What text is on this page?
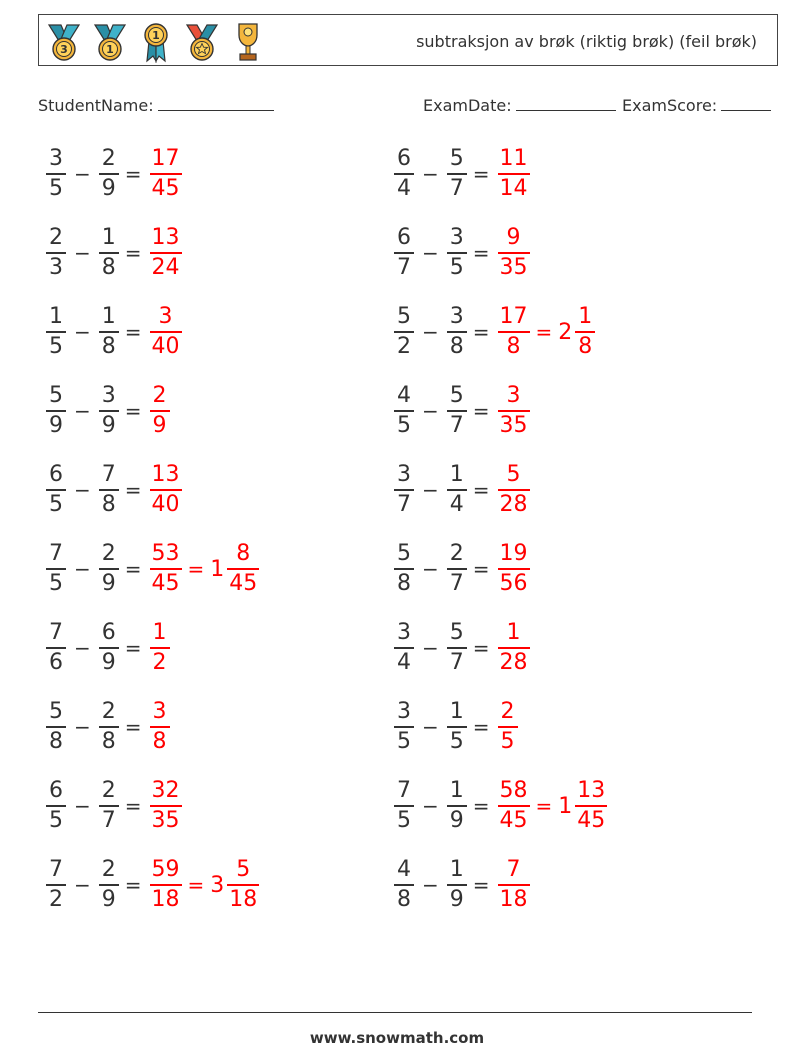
3	1
1	subtraksjon av brøk (riktig brøk) (feil brøk)
StudentName:	ExamDate:	ExamScore:
$\frac{3}{5} - \frac{2}{9} = \frac{17}{45}$	$\frac{6}{4} - \frac{5}{7} = \frac{11}{14}$
$\frac{2}{3} - \frac{1}{8} = \frac{13}{24}$	$\frac{6}{7} - \frac{3}{5} = \frac{9}{35}$
$\frac{1}{5} - \frac{1}{8} = \frac{3}{40}$	$\frac{5}{2} - \frac{3}{8} = \frac{17}{8} = 2 \frac{1}{8}$
$\frac{5}{9} - \frac{3}{9} = \frac{2}{9}$	$\frac{4}{5} - \frac{5}{7} = \frac{3}{35}$
$\frac{6}{5} - \frac{7}{8} = \frac{13}{40}$	$\frac{3}{7} - \frac{1}{4} = \frac{5}{28}$
$\frac{7}{5} - \frac{2}{9} = \frac{53}{45} = 1 \frac{8}{45}$	$\frac{5}{8} - \frac{2}{7} = \frac{19}{56}$
$\frac{7}{6} - \frac{6}{9} = \frac{1}{2}$	$\frac{3}{4} - \frac{5}{7} = \frac{1}{28}$
$\frac{5}{8} - \frac{2}{8} = \frac{3}{8}$	$\frac{3}{5} - \frac{1}{5} = \frac{2}{5}$
$\frac{6}{5} - \frac{2}{7} = \frac{32}{35}$	$\frac{7}{5} - \frac{1}{9} = \frac{58}{45} = 1 \frac{13}{45}$
$\frac{7}{2} - \frac{2}{9} = \frac{59}{18} = 3 \frac{5}{18}$	$\frac{4}{8} - \frac{1}{9} = \frac{7}{18}$
www.snowmath.com
